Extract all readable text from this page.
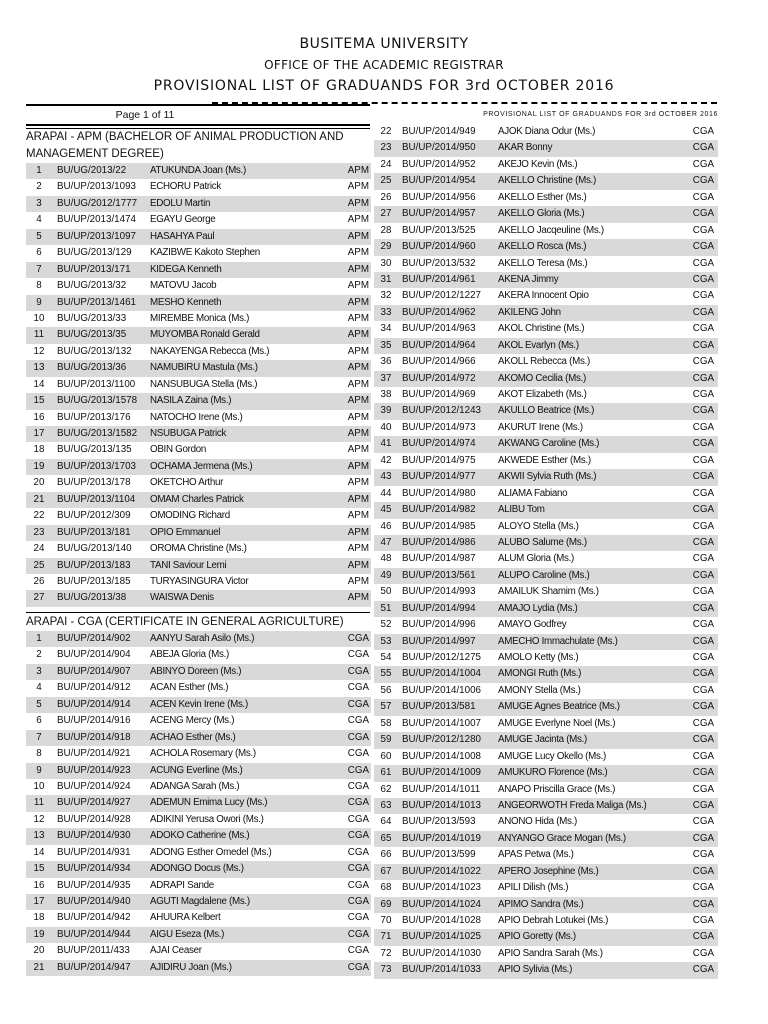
BUSITEMA UNIVERSITY
OFFICE OF THE ACADEMIC REGISTRAR
PROVISIONAL LIST OF GRADUANDS FOR 3rd OCTOBER 2016
Page 1 of 11	PROVISIONAL LIST OF GRADUANDS FOR 3rd OCTOBER 2016
ARAPAI - APM (BACHELOR OF ANIMAL PRODUCTION AND MANAGEMENT DEGREE)
1	BU/UG/2013/22 ATUKUNDA Joan (Ms.)	APM
2	BU/UP/2013/1093 ECHORU Patrick	APM
3	BU/UG/2012/1777 EDOLU Martin	APM
4	BU/UP/2013/1474 EGAYU George	APM
5	BU/UP/2013/1097 HASAHYA Paul	APM
6	BU/UG/2013/129 KAZIBWE Kakoto Stephen	APM
7	BU/UP/2013/171 KIDEGA Kenneth	APM
8	BU/UG/2013/32 MATOVU Jacob	APM
9	BU/UP/2013/1461 MESHO Kenneth	APM
10	BU/UG/2013/33 MIREMBE Monica (Ms.)	APM
11	BU/UG/2013/35 MUYOMBA Ronald Gerald	APM
12	BU/UG/2013/132 NAKAYENGA Rebecca (Ms.)	APM
13	BU/UG/2013/36 NAMUBIRU Mastula (Ms.)	APM
14	BU/UP/2013/1100 NANSUBUGA Stella (Ms.)	APM
15	BU/UG/2013/1578 NASILA Zaina (Ms.)	APM
16	BU/UP/2013/176 NATOCHO Irene (Ms.)	APM
17	BU/UG/2013/1582 NSUBUGA Patrick	APM
18	BU/UG/2013/135 OBIN Gordon	APM
19	BU/UP/2013/1703 OCHAMA Jermena (Ms.)	APM
20	BU/UP/2013/178 OKETCHO Arthur	APM
21	BU/UP/2013/1104 OMAM Charles Patrick	APM
22	BU/UP/2012/309 OMODING Richard	APM
23	BU/UP/2013/181 OPIO Emmanuel	APM
24	BU/UG/2013/140 OROMA Christine (Ms.)	APM
25	BU/UP/2013/183 TANI Saviour Lemi	APM
26	BU/UP/2013/185 TURYASINGURA Victor	APM
27	BU/UG/2013/38 WAISWA Denis	APM
ARAPAI - CGA (CERTIFICATE IN GENERAL AGRICULTURE)
1	BU/UP/2014/902 AANYU Sarah Asilo (Ms.)	CGA
2	BU/UP/2014/904 ABEJA Gloria (Ms.)	CGA
3	BU/UP/2014/907 ABINYO Doreen (Ms.)	CGA
4	BU/UP/2014/912 ACAN Esther (Ms.)	CGA
5	BU/UP/2014/914 ACEN Kevin Irene (Ms.)	CGA
6	BU/UP/2014/916 ACENG Mercy (Ms.)	CGA
7	BU/UP/2014/918 ACHAO Esther (Ms.)	CGA
8	BU/UP/2014/921 ACHOLA Rosemary (Ms.)	CGA
9	BU/UP/2014/923 ACUNG Everline (Ms.)	CGA
10	BU/UP/2014/924 ADANGA Sarah (Ms.)	CGA
11	BU/UP/2014/927 ADEMUN Emima Lucy (Ms.)	CGA
12	BU/UP/2014/928 ADIKINI Yerusa Owori (Ms.)	CGA
13	BU/UP/2014/930 ADOKO Catherine (Ms.)	CGA
14	BU/UP/2014/931 ADONG Esther Omedel (Ms.)	CGA
15	BU/UP/2014/934 ADONGO Docus (Ms.)	CGA
16	BU/UP/2014/935 ADRAPI Sande	CGA
17	BU/UP/2014/940 AGUTI Magdalene (Ms.)	CGA
18	BU/UP/2014/942 AHUURA Kelbert	CGA
19	BU/UP/2014/944 AIGU Eseza (Ms.)	CGA
20	BU/UP/2011/433 AJAI Ceaser	CGA
21	BU/UP/2014/947 AJIDIRU Joan (Ms.)	CGA
22	BU/UP/2014/949 AJOK Diana Odur (Ms.)	CGA
23	BU/UP/2014/950 AKAR Bonny	CGA
24	BU/UP/2014/952 AKEJO Kevin (Ms.)	CGA
25	BU/UP/2014/954 AKELLO Christine (Ms.)	CGA
26	BU/UP/2014/956 AKELLO Esther (Ms.)	CGA
27	BU/UP/2014/957 AKELLO Gloria (Ms.)	CGA
28	BU/UP/2013/525 AKELLO Jacqeuline (Ms.)	CGA
29	BU/UP/2014/960 AKELLO Rosca (Ms.)	CGA
30	BU/UP/2013/532 AKELLO Teresa (Ms.)	CGA
31	BU/UP/2014/961 AKENA Jimmy	CGA
32	BU/UP/2012/1227 AKERA Innocent Opio	CGA
33	BU/UP/2014/962 AKILENG John	CGA
34	BU/UP/2014/963 AKOL Christine (Ms.)	CGA
35	BU/UP/2014/964 AKOL Evarlyn (Ms.)	CGA
36	BU/UP/2014/966 AKOLL Rebecca (Ms.)	CGA
37	BU/UP/2014/972 AKOMO Cecilia (Ms.)	CGA
38	BU/UP/2014/969 AKOT Elizabeth (Ms.)	CGA
39	BU/UP/2012/1243 AKULLO Beatrice (Ms.)	CGA
40	BU/UP/2014/973 AKURUT Irene (Ms.)	CGA
41	BU/UP/2014/974 AKWANG Caroline (Ms.)	CGA
42	BU/UP/2014/975 AKWEDE Esther (Ms.)	CGA
43	BU/UP/2014/977 AKWII Sylvia Ruth (Ms.)	CGA
44	BU/UP/2014/980 ALIAMA Fabiano	CGA
45	BU/UP/2014/982 ALIBU Tom	CGA
46	BU/UP/2014/985 ALOYO Stella (Ms.)	CGA
47	BU/UP/2014/986 ALUBO Salume (Ms.)	CGA
48	BU/UP/2014/987 ALUM Gloria (Ms.)	CGA
49	BU/UP/2013/561 ALUPO Caroline (Ms.)	CGA
50	BU/UP/2014/993 AMAILUK Shamim (Ms.)	CGA
51	BU/UP/2014/994 AMAJO Lydia (Ms.)	CGA
52	BU/UP/2014/996 AMAYO Godfrey	CGA
53	BU/UP/2014/997 AMECHO Immachulate (Ms.)	CGA
54	BU/UP/2012/1275 AMOLO Ketty (Ms.)	CGA
55	BU/UP/2014/1004 AMONGI Ruth (Ms.)	CGA
56	BU/UP/2014/1006 AMONY Stella (Ms.)	CGA
57	BU/UP/2013/581 AMUGE Agnes Beatrice (Ms.)	CGA
58	BU/UP/2014/1007 AMUGE Everlyne Noel (Ms.)	CGA
59	BU/UP/2012/1280 AMUGE Jacinta (Ms.)	CGA
60	BU/UP/2014/1008 AMUGE Lucy Okello (Ms.)	CGA
61	BU/UP/2014/1009 AMUKURO Florence (Ms.)	CGA
62	BU/UP/2014/1011 ANAPO Priscilla Grace (Ms.)	CGA
63	BU/UP/2014/1013 ANGEORWOTH Freda Maliga (Ms.)	CGA
64	BU/UP/2013/593 ANONO Hida (Ms.)	CGA
65	BU/UP/2014/1019 ANYANGO Grace Mogan (Ms.)	CGA
66	BU/UP/2013/599 APAS Petwa (Ms.)	CGA
67	BU/UP/2014/1022 APERO Josephine (Ms.)	CGA
68	BU/UP/2014/1023 APILI Dilish (Ms.)	CGA
69	BU/UP/2014/1024 APIMO Sandra (Ms.)	CGA
70	BU/UP/2014/1028 APIO Debrah Lotukei (Ms.)	CGA
71	BU/UP/2014/1025 APIO Goretty (Ms.)	CGA
72	BU/UP/2014/1030 APIO Sandra Sarah (Ms.)	CGA
73	BU/UP/2014/1033 APIO Sylivia (Ms.)	CGA
